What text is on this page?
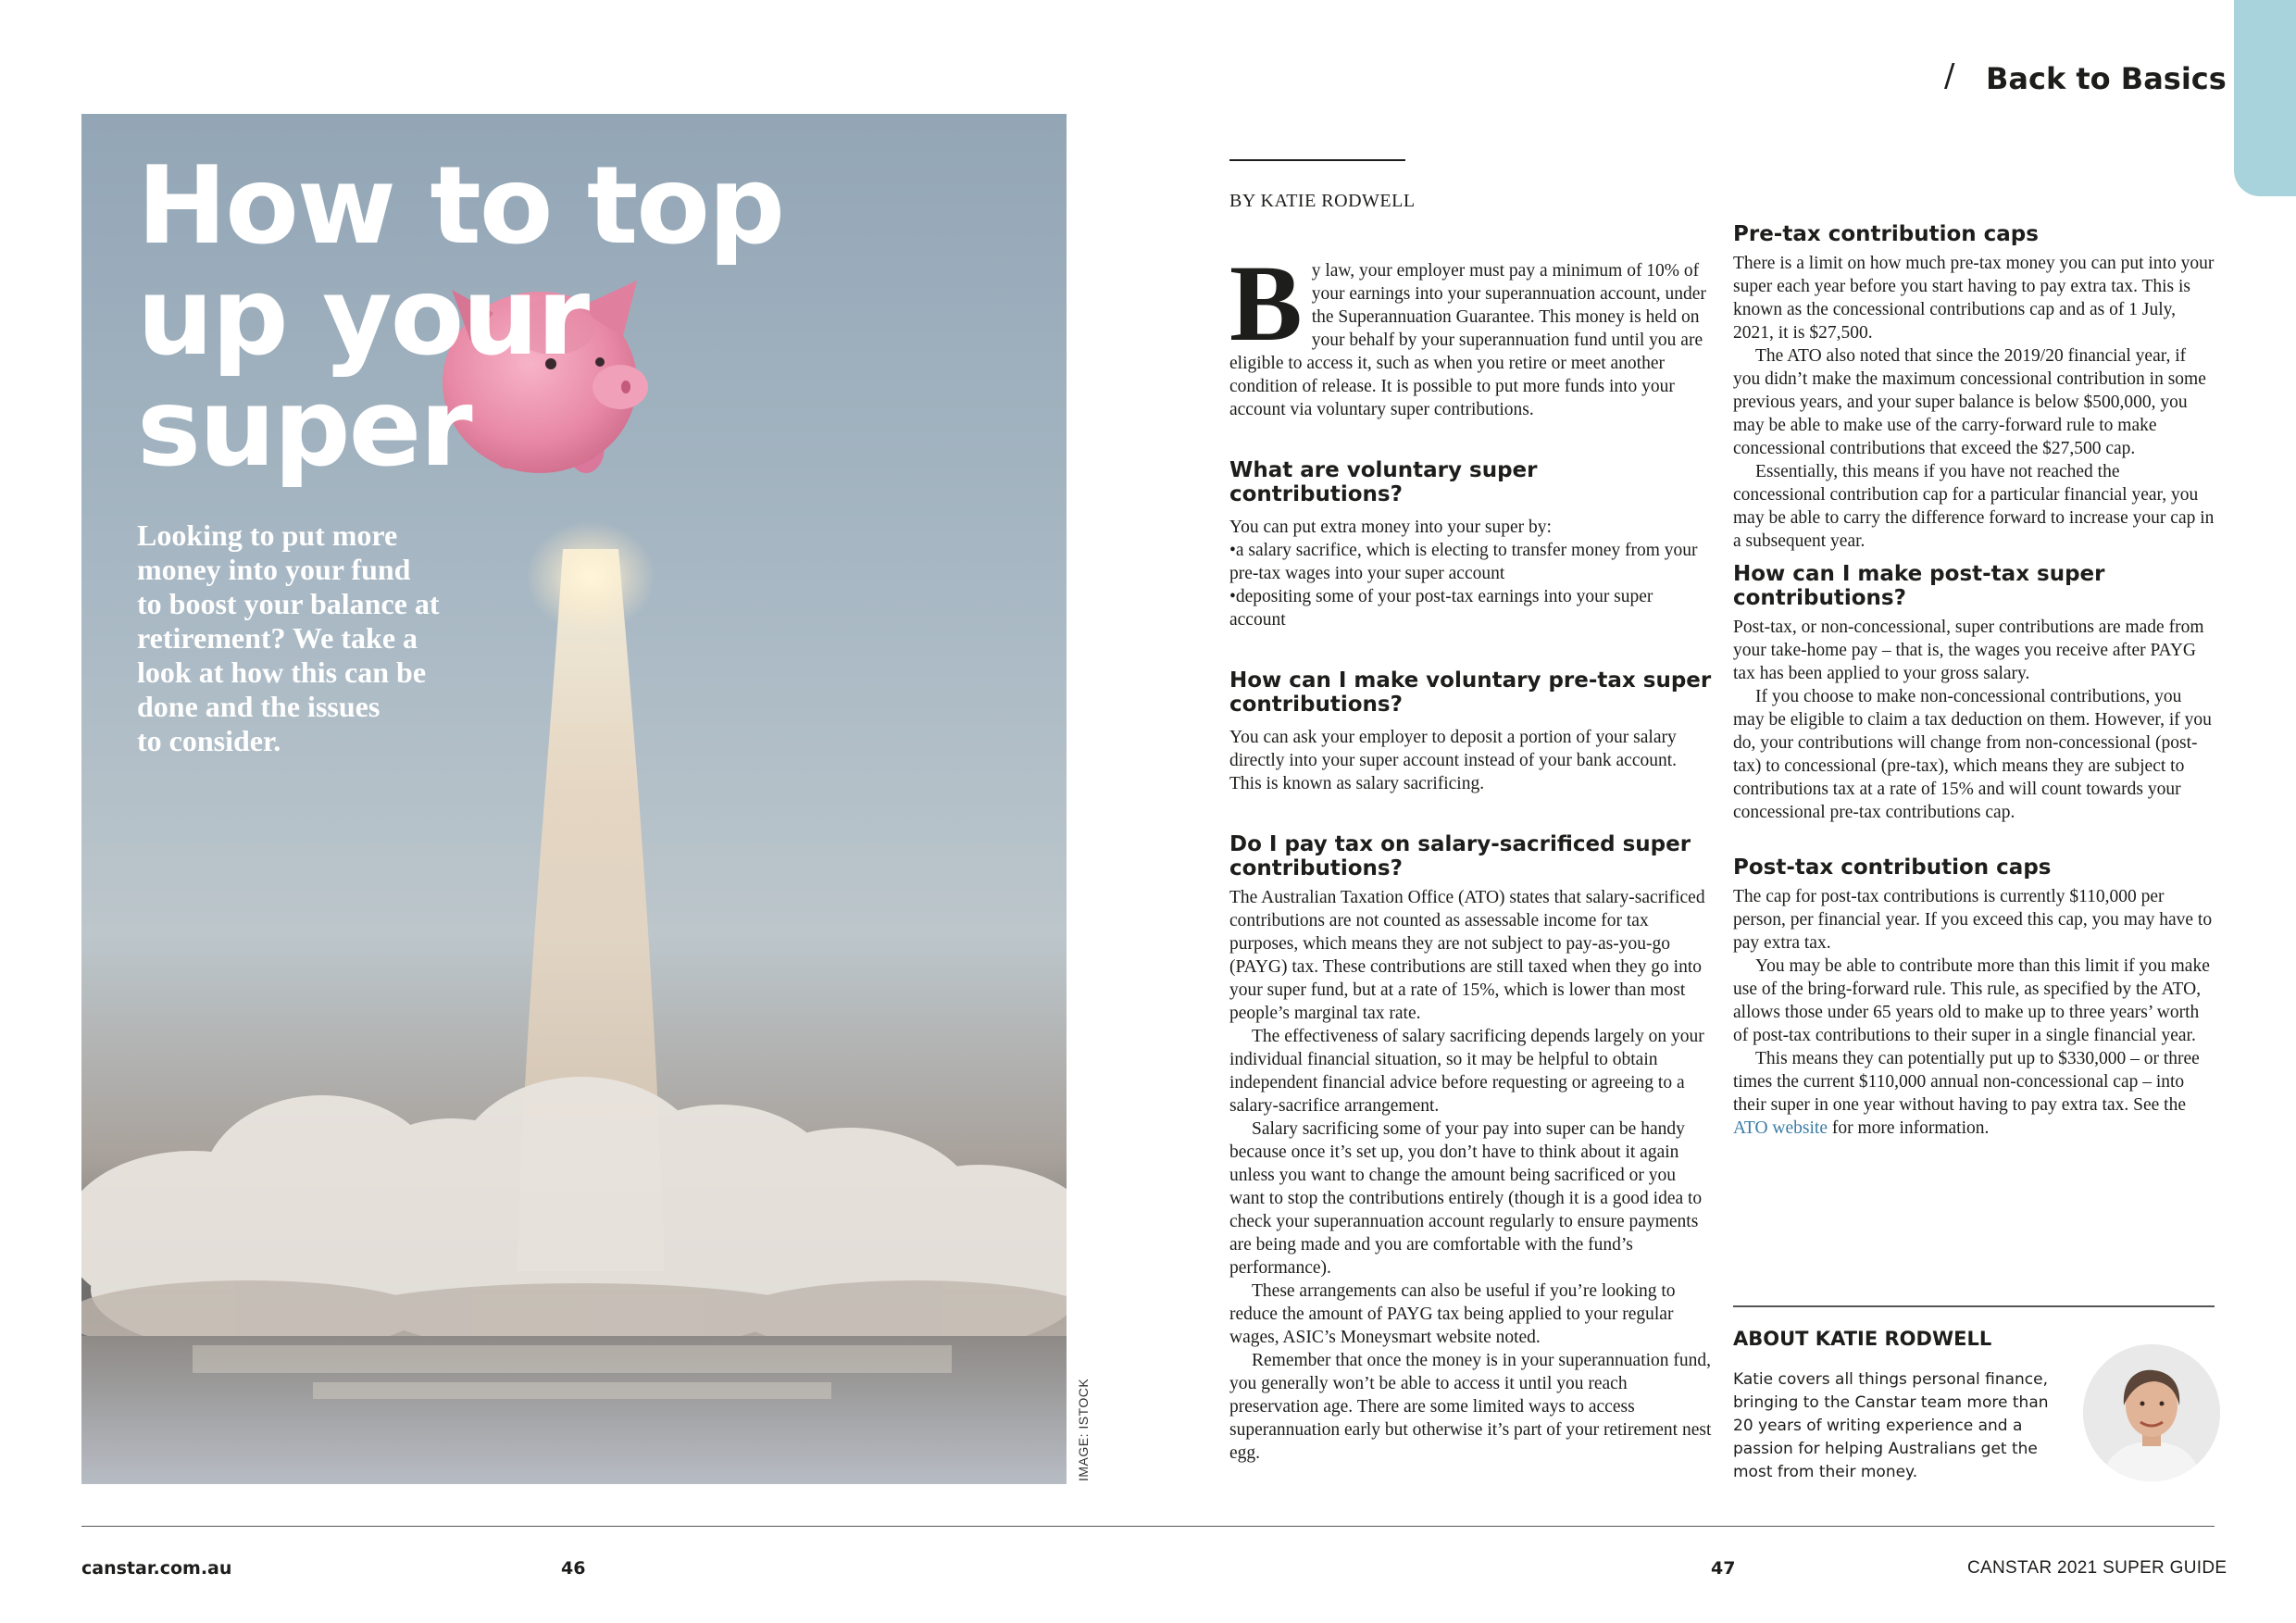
How to top
up your
super

Looking to put more
money into your fund
to boost your balance at
retirement? We take a
look at how this can be
done and the issues
to consider.

IMAGE: ISTOCK
/ Back to Basics
BY KATIE RODWELL

By law, your employer must pay a minimum of 10% of your earnings into your superannuation account, under the Superannuation Guarantee. This money is held on your behalf by your superannuation fund until you are eligible to access it, such as when you retire or meet another condition of release. It is possible to put more funds into your account via voluntary super contributions.

What are voluntary super contributions?

You can put extra money into your super by:

• a salary sacrifice, which is electing to transfer money from your pre-tax wages into your super account
• depositing some of your post-tax earnings into your super account
How can I make voluntary pre-tax super contributions?

You can ask your employer to deposit a portion of your salary directly into your super account instead of your bank account. This is known as salary sacrificing.

Do I pay tax on salary-sacrificed super contributions?

The Australian Taxation Office (ATO) states that salary-sacrificed contributions are not counted as assessable income for tax purposes, which means they are not subject to pay-as-you-go (PAYG) tax. These contributions are still taxed when they go into your super fund, but at a rate of 15%, which is lower than most people’s marginal tax rate.

The effectiveness of salary sacrificing depends largely on your individual financial situation, so it may be helpful to obtain independent financial advice before requesting or agreeing to a salary-sacrifice arrangement.

Salary sacrificing some of your pay into super can be handy because once it’s set up, you don’t have to think about it again unless you want to change the amount being sacrificed or you want to stop the contributions entirely (though it is a good idea to check your superannuation account regularly to ensure payments are being made and you are comfortable with the fund’s performance).

These arrangements can also be useful if you’re looking to reduce the amount of PAYG tax being applied to your regular wages, ASIC’s Moneysmart website noted.

Remember that once the money is in your superannuation fund, you generally won’t be able to access it until you reach preservation age. There are some limited ways to access superannuation early but otherwise it’s part of your retirement nest egg.

Pre-tax contribution caps

There is a limit on how much pre-tax money you can put into your super each year before you start having to pay extra tax. This is known as the concessional contributions cap and as of 1 July, 2021, it is $27,500.

The ATO also noted that since the 2019/20 financial year, if you didn’t make the maximum concessional contribution in some previous years, and your super balance is below $500,000, you may be able to make use of the carry-forward rule to make concessional contributions that exceed the $27,500 cap.

Essentially, this means if you have not reached the concessional contribution cap for a particular financial year, you may be able to carry the difference forward to increase your cap in a subsequent year.

How can I make post-tax super contributions?

Post-tax, or non-concessional, super contributions are made from your take-home pay – that is, the wages you receive after PAYG tax has been applied to your gross salary.

If you choose to make non-concessional contributions, you may be eligible to claim a tax deduction on them. However, if you do, your contributions will change from non-concessional (post-tax) to concessional (pre-tax), which means they are subject to contributions tax at a rate of 15% and will count towards your concessional pre-tax contributions cap.

Post-tax contribution caps

The cap for post-tax contributions is currently $110,000 per person, per financial year. If you exceed this cap, you may have to pay extra tax.

You may be able to contribute more than this limit if you make use of the bring-forward rule. This rule, as specified by the ATO, allows those under 65 years old to make up to three years’ worth of post-tax contributions to their super in a single financial year.

This means they can potentially put up to $330,000 – or three times the current $110,000 annual non-concessional cap – into their super in one year without having to pay extra tax. See the ATO website for more information.

ABOUT KATIE RODWELL

Katie covers all things personal finance,
bringing to the Canstar team more than
20 years of writing experience and a
passion for helping Australians get the
most from their money.

canstar.com.au	46	47	CANSTAR 2021 SUPER GUIDE
